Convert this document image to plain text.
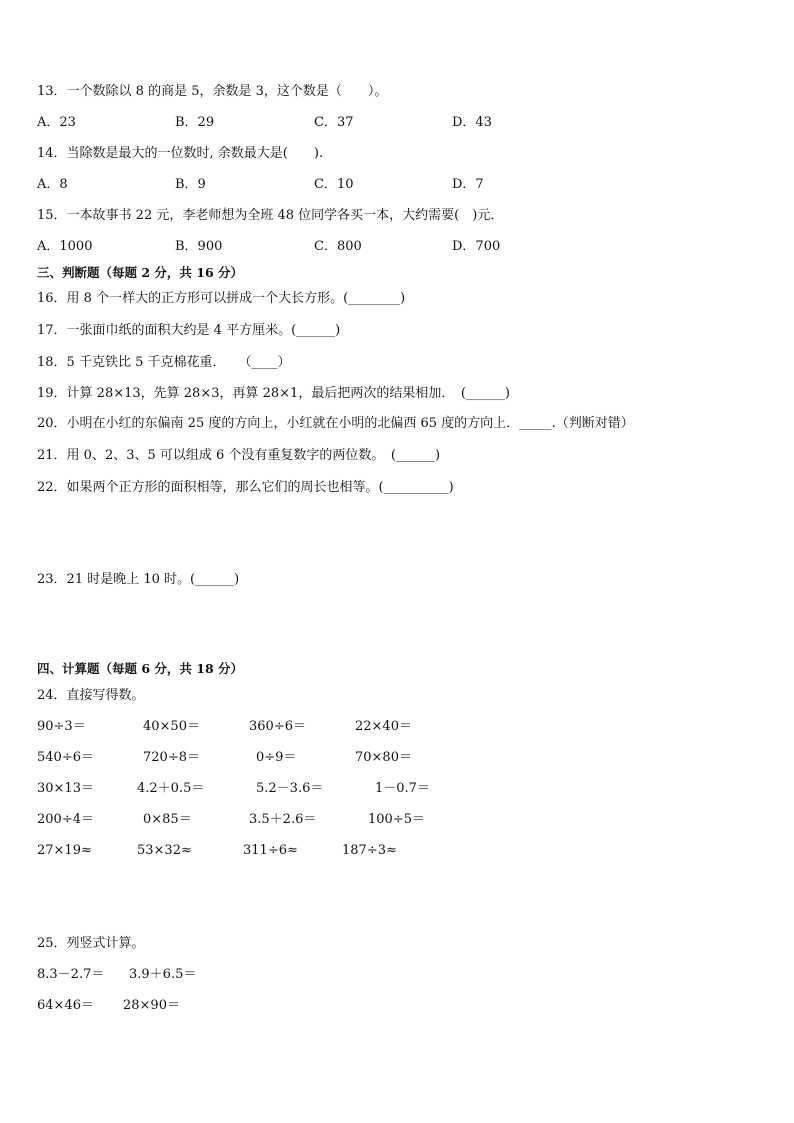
13．一个数除以 8 的商是 5，余数是 3，这个数是（　　）。
A．23	B．29	C．37	D．43
14．当除数是最大的一位数时, 余数最大是(　　).
A．8	B．9	C．10	D．7
15．一本故事书 22 元，李老师想为全班 48 位同学各买一本，大约需要(　)元．
A．1000	B．900	C．800	D．700
三、判断题（每题 2 分，共 16 分）
16．用 8 个一样大的正方形可以拼成一个大长方形。(________)
17．一张面巾纸的面积大约是 4 平方厘米。(______)
18．5 千克铁比 5 千克棉花重．　　（____）
19．计算 28×13，先算 28×3，再算 28×1，最后把两次的结果相加．　(______)
20．小明在小红的东偏南 25 度的方向上，小红就在小明的北偏西 65 度的方向上．_____.（判断对错）
21．用 0、2、3、5 可以组成 6 个没有重复数字的两位数。　(______)
22．如果两个正方形的面积相等，那么它们的周长也相等。(__________)
23．21 时是晚上 10 时。(______)
四、计算题（每题 6 分，共 18 分）
24．直接写得数。
90÷3＝	40×50＝	360÷6＝	22×40＝
540÷6＝	720÷8＝	0÷9＝	70×80＝
30×13＝	4.2＋0.5＝	5.2－3.6＝	1－0.7＝
200÷4＝	0×85＝	3.5＋2.6＝	100÷5＝
27×19≈	53×32≈	311÷6≈	187÷3≈
25．列竖式计算。
8.3－2.7＝ 3.9＋6.5＝
64×46＝ 28×90＝
